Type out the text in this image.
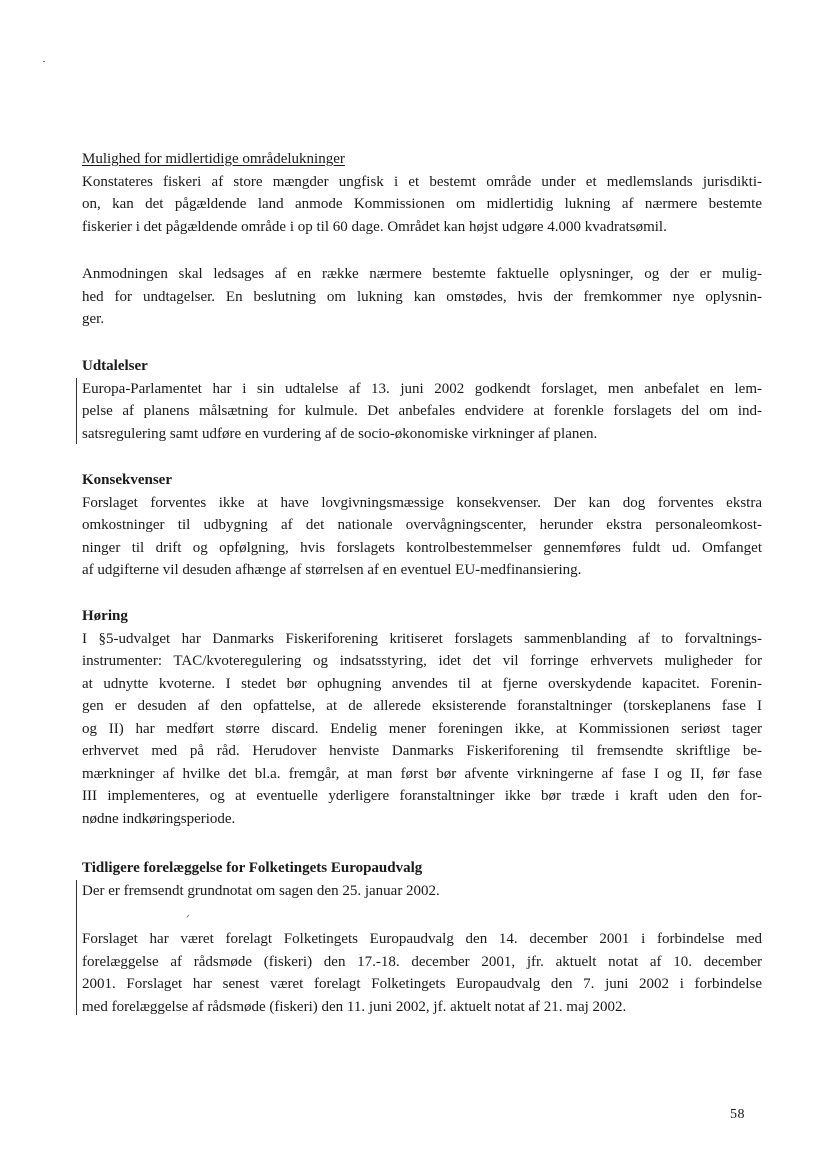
Mulighed for midlertidige områdelukninger
Konstateres fiskeri af store mængder ungfisk i et bestemt område under et medlemslands jurisdikti-
on, kan det pågældende land anmode Kommissionen om midlertidig lukning af nærmere bestemte
fiskerier i det pågældende område i op til 60 dage. Området kan højst udgøre 4.000 kvadratsømil.
Anmodningen skal ledsages af en række nærmere bestemte faktuelle oplysninger, og der er mulig-
hed for undtagelser. En beslutning om lukning kan omstødes, hvis der fremkommer nye oplysnin-
ger.
Udtalelser
Europa-Parlamentet har i sin udtalelse af 13. juni 2002 godkendt forslaget, men anbefalet en lem-
pelse af planens målsætning for kulmule. Det anbefales endvidere at forenkle forslagets del om ind-
satsregulering samt udføre en vurdering af de socio-økonomiske virkninger af planen.
Konsekvenser
Forslaget forventes ikke at have lovgivningsmæssige konsekvenser. Der kan dog forventes ekstra
omkostninger til udbygning af det nationale overvågningscenter, herunder ekstra personaleomkost-
ninger til drift og opfølgning, hvis forslagets kontrolbestemmelser gennemføres fuldt ud. Omfanget
af udgifterne vil desuden afhænge af størrelsen af en eventuel EU-medfinansiering.
Høring
I §5-udvalget har Danmarks Fiskeriforening kritiseret forslagets sammenblanding af to forvaltnings-
instrumenter: TAC/kvoteregulering og indsatsstyring, idet det vil forringe erhvervets muligheder for
at udnytte kvoterne. I stedet bør ophugning anvendes til at fjerne overskydende kapacitet. Forenin-
gen er desuden af den opfattelse, at de allerede eksisterende foranstaltninger (torskeplanens fase I
og II) har medført større discard. Endelig mener foreningen ikke, at Kommissionen seriøst tager
erhvervet med på råd. Herudover henviste Danmarks Fiskeriforening til fremsendte skriftlige be-
mærkninger af hvilke det bl.a. fremgår, at man først bør afvente virkningerne af fase I og II, før fase
III implementeres, og at eventuelle yderligere foranstaltninger ikke bør træde i kraft uden den for-
nødne indkøringsperiode.
Tidligere forelæggelse for Folketingets Europaudvalg
Der er fremsendt grundnotat om sagen den 25. januar 2002.
ᐟ
Forslaget har været forelagt Folketingets Europaudvalg den 14. december 2001 i forbindelse med
forelæggelse af rådsmøde (fiskeri) den 17.-18. december 2001, jfr. aktuelt notat af 10. december
2001. Forslaget har senest været forelagt Folketingets Europaudvalg den 7. juni 2002 i forbindelse
med forelæggelse af rådsmøde (fiskeri) den 11. juni 2002, jf. aktuelt notat af 21. maj 2002.
58
